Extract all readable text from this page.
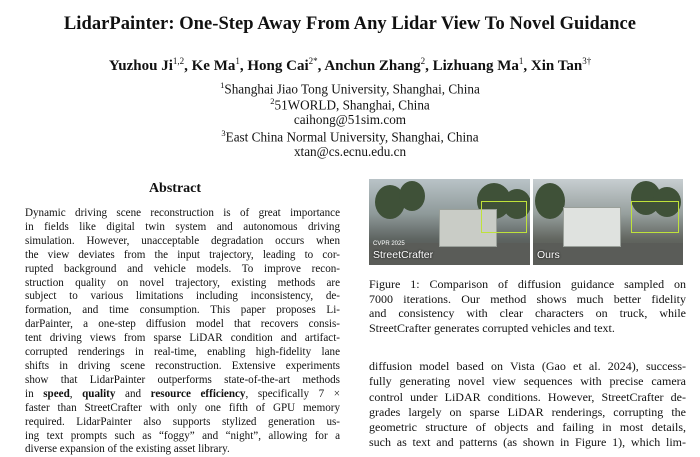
LidarPainter: One-Step Away From Any Lidar View To Novel Guidance
Yuzhou Ji$^{1,2}$, Ke Ma$^1$, Hong Cai$^{2*}$, Anchun Zhang$^2$, Lizhuang Ma$^1$, Xin Tan$^{3\dagger}$
$^1$Shanghai Jiao Tong University, Shanghai, China
$^2$51WORLD, Shanghai, China
caihong@51sim.com
$^3$East China Normal University, Shanghai, China
xtan@cs.ecnu.edu.cn
Abstract
Dynamic driving scene reconstruction is of great importance
in fields like digital twin system and autonomous driving
simulation. However, unacceptable degradation occurs when
the view deviates from the input trajectory, leading to cor-
rupted background and vehicle models. To improve recon-
struction quality on novel trajectory, existing methods are
subject to various limitations including inconsistency, de-
formation, and time consumption. This paper proposes Li-
darPainter, a one-step diffusion model that recovers consis-
tent driving views from sparse LiDAR condition and artifact-
corrupted renderings in real-time, enabling high-fidelity lane
shifts in driving scene reconstruction. Extensive experiments
show that LidarPainter outperforms state-of-the-art methods
in speed, quality and resource efficiency, specifically 7 ×
faster than StreetCrafter with only one fifth of GPU memory
required. LidarPainter also supports stylized generation us-
ing text prompts such as “foggy” and “night”, allowing for a
diverse expansion of the existing asset library.
CVPR 2025
StreetCrafter	Ours
Figure 1: Comparison of diffusion guidance sampled on
7000 iterations. Our method shows much better fidelity
and consistency with clear characters on truck, while
StreetCrafter generates corrupted vehicles and text.
diffusion model based on Vista (Gao et al. 2024), success-
fully generating novel view sequences with precise camera
control under LiDAR conditions. However, StreetCrafter de-
grades largely on sparse LiDAR renderings, corrupting the
geometric structure of objects and failing in most details,
such as text and patterns (as shown in Figure 1), which lim-
